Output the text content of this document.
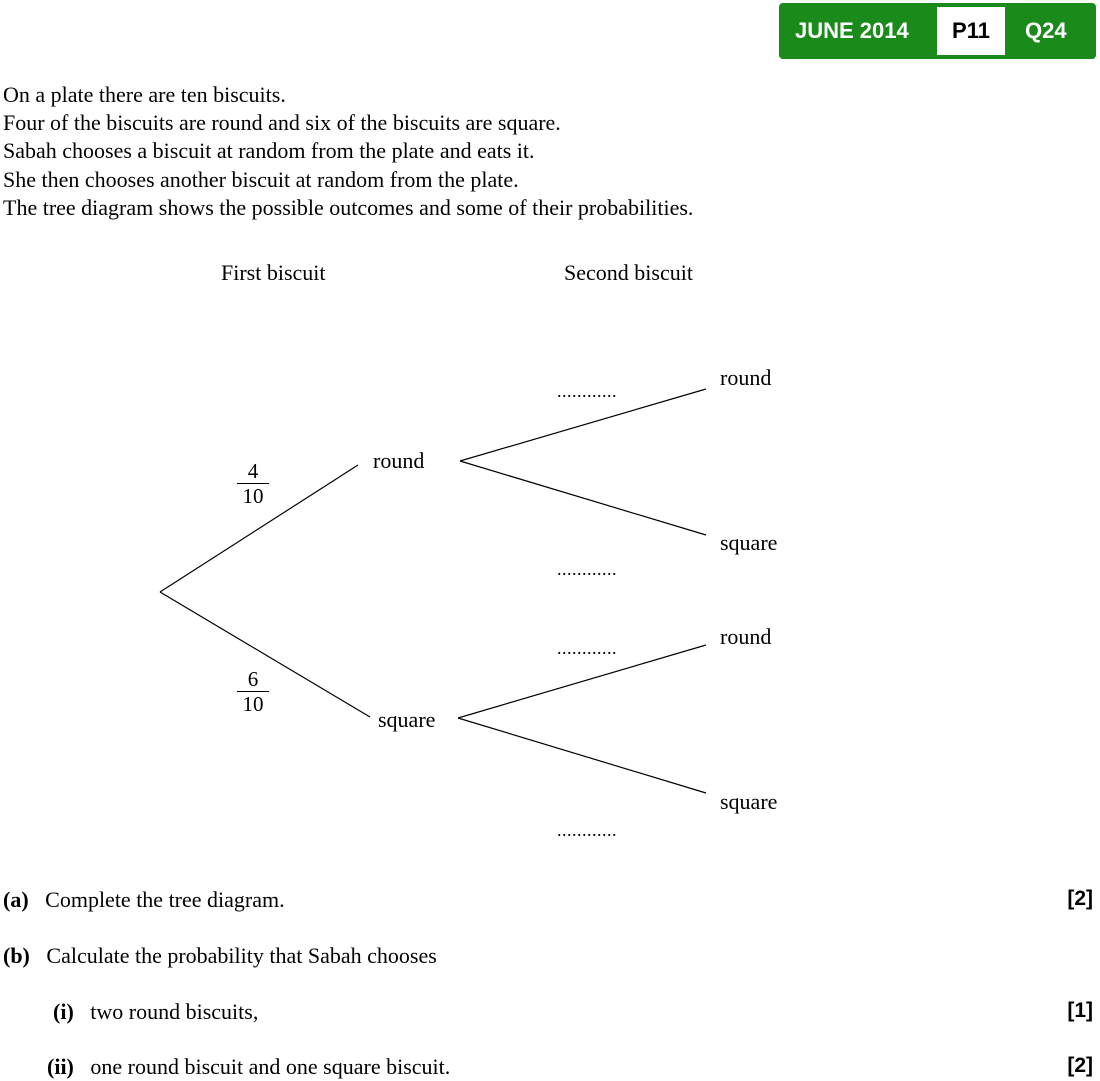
JUNE 2014	P11	Q24
On a plate there are ten biscuits.
Four of the biscuits are round and six of the biscuits are square.
Sabah chooses a biscuit at random from the plate and eats it.
She then chooses another biscuit at random from the plate.
The tree diagram shows the possible outcomes and some of their probabilities.
First biscuit	Second biscuit
round
square
4
10
6
10
round
square
round
square
............
............
............
............
(a) Complete the tree diagram.	[2]
(b) Calculate the probability that Sabah chooses
(i) two round biscuits,	[1]
(ii) one round biscuit and one square biscuit.	[2]
